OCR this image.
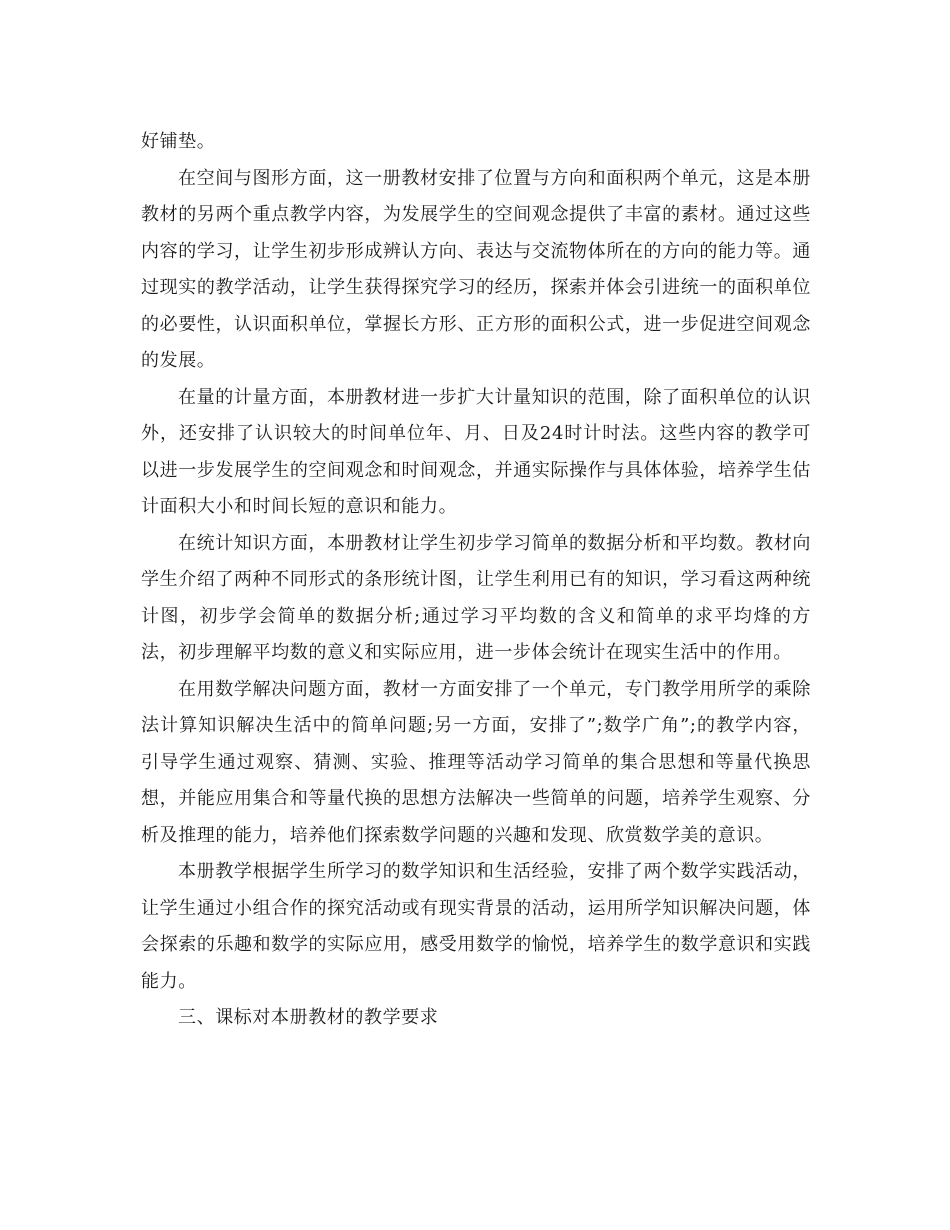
好铺垫。

在空间与图形方面，这一册教材安排了位置与方向和面积两个单元，这是本册教材的另两个重点教学内容，为发展学生的空间观念提供了丰富的素材。通过这些内容的学习，让学生初步形成辨认方向、表达与交流物体所在的方向的能力等。通过现实的教学活动，让学生获得探究学习的经历，探索并体会引进统一的面积单位的必要性，认识面积单位，掌握长方形、正方形的面积公式，进一步促进空间观念的发展。

在量的计量方面，本册教材进一步扩大计量知识的范围，除了面积单位的认识外，还安排了认识较大的时间单位年、月、日及24时计时法。这些内容的教学可以进一步发展学生的空间观念和时间观念，并通实际操作与具体体验，培养学生估计面积大小和时间长短的意识和能力。

在统计知识方面，本册教材让学生初步学习简单的数据分析和平均数。教材向学生介绍了两种不同形式的条形统计图，让学生利用已有的知识，学习看这两种统计图，初步学会简单的数据分析;通过学习平均数的含义和简单的求平均烽的方法，初步理解平均数的意义和实际应用，进一步体会统计在现实生活中的作用。

在用数学解决问题方面，教材一方面安排了一个单元，专门教学用所学的乘除法计算知识解决生活中的简单问题;另一方面，安排了”;数学广角”;的教学内容，引导学生通过观察、猜测、实验、推理等活动学习简单的集合思想和等量代换思想，并能应用集合和等量代换的思想方法解决一些简单的问题，培养学生观察、分析及推理的能力，培养他们探索数学问题的兴趣和发现、欣赏数学美的意识。

本册教学根据学生所学习的数学知识和生活经验，安排了两个数学实践活动，让学生通过小组合作的探究活动或有现实背景的活动，运用所学知识解决问题，体会探索的乐趣和数学的实际应用，感受用数学的愉悦，培养学生的数学意识和实践能力。

三、课标对本册教材的教学要求
